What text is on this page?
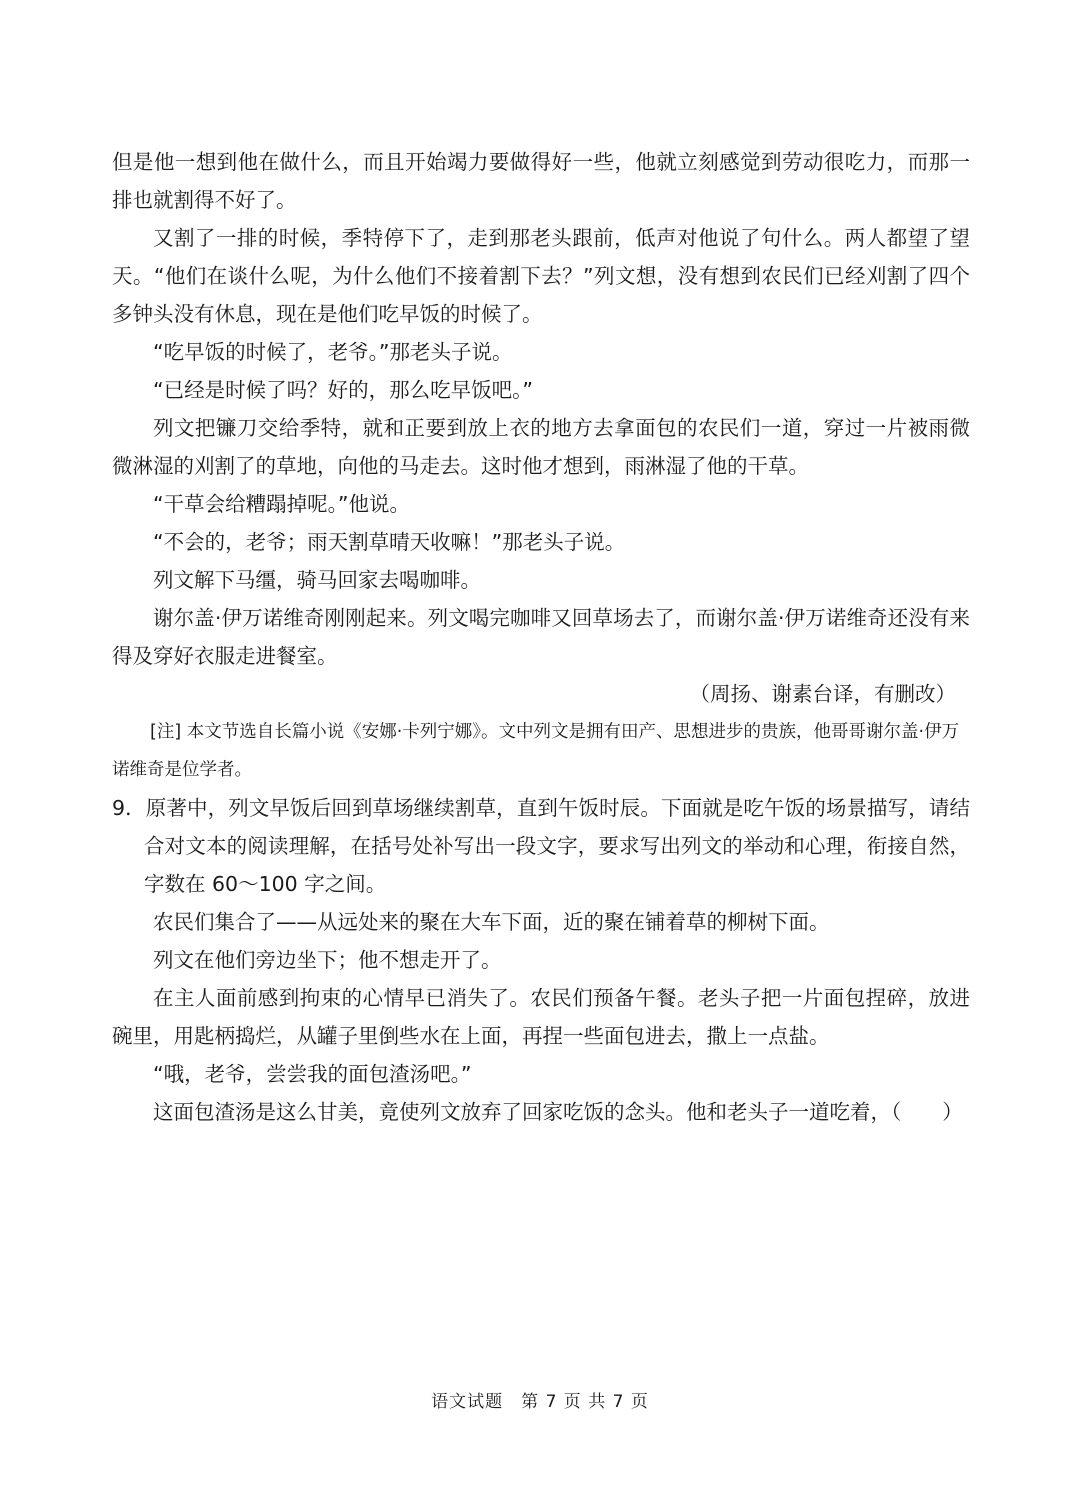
但是他一想到他在做什么，而且开始竭力要做得好一些，他就立刻感觉到劳动很吃力，而那一排也就割得不好了。

又割了一排的时候，季特停下了，走到那老头跟前，低声对他说了句什么。两人都望了望天。“他们在谈什么呢，为什么他们不接着割下去？”列文想，没有想到农民们已经刈割了四个多钟头没有休息，现在是他们吃早饭的时候了。

“吃早饭的时候了，老爷。”那老头子说。

“已经是时候了吗？好的，那么吃早饭吧。”

列文把镰刀交给季特，就和正要到放上衣的地方去拿面包的农民们一道，穿过一片被雨微微淋湿的刈割了的草地，向他的马走去。这时他才想到，雨淋湿了他的干草。

“干草会给糟蹋掉呢。”他说。

“不会的，老爷；雨天割草晴天收嘛！”那老头子说。

列文解下马缰，骑马回家去喝咖啡。

谢尔盖·伊万诺维奇刚刚起来。列文喝完咖啡又回草场去了，而谢尔盖·伊万诺维奇还没有来得及穿好衣服走进餐室。

（周扬、谢素台译，有删改）

[注] 本文节选自长篇小说《安娜·卡列宁娜》。文中列文是拥有田产、思想进步的贵族，他哥哥谢尔盖·伊万诺维奇是位学者。

9．原著中，列文早饭后回到草场继续割草，直到午饭时辰。下面就是吃午饭的场景描写，请结合对文本的阅读理解，在括号处补写出一段文字，要求写出列文的举动和心理，衔接自然，字数在 60～100 字之间。

农民们集合了——从远处来的聚在大车下面，近的聚在铺着草的柳树下面。

列文在他们旁边坐下；他不想走开了。

在主人面前感到拘束的心情早已消失了。农民们预备午餐。老头子把一片面包捏碎，放进碗里，用匙柄捣烂，从罐子里倒些水在上面，再捏一些面包进去，撒上一点盐。

“哦，老爷，尝尝我的面包渣汤吧。”

这面包渣汤是这么甘美，竟使列文放弃了回家吃饭的念头。他和老头子一道吃着，（　　）

语文试题　第 7 页 共 7 页
